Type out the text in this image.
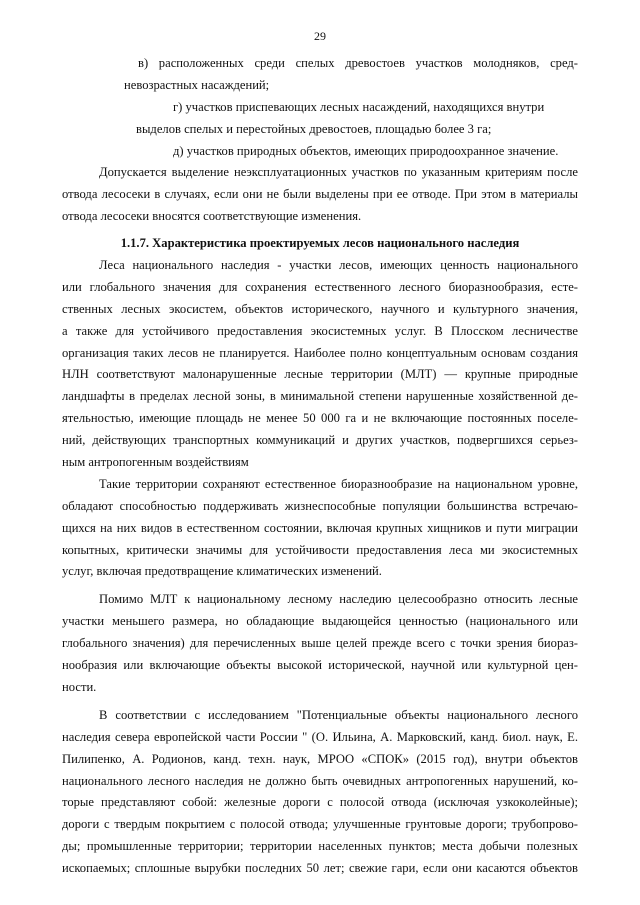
29
в) расположенных среди спелых древостоев участков молодняков, сред-
невозрастных насаждений;
г) участков приспевающих лесных насаждений, находящихся внутри
выделов спелых и перестойных древостоев, площадью более 3 га;
д) участков природных объектов, имеющих природоохранное значение.
Допускается выделение неэксплуатационных участков по указанным критериям после
отвода лесосеки в случаях, если они не были выделены при ее отводе. При этом в материалы
отвода лесосеки вносятся соответствующие изменения.
1.1.7. Характеристика проектируемых лесов национального наследия
Леса национального наследия - участки лесов, имеющих ценность национального
или глобального значения для сохранения естественного лесного биоразнообразия, есте-
ственных лесных экосистем, объектов исторического, научного и культурного значения,
а также для устойчивого предоставления экосистемных услуг. В Плосском лесничестве
организация таких лесов не планируется. Наиболее полно концептуальным основам создания
НЛН соответствуют малонарушенные лесные территории (МЛТ) — крупные природные
ландшафты в пределах лесной зоны, в минимальной степени нарушенные хозяйственной де-
ятельностью, имеющие площадь не менее 50 000 га и не включающие постоянных поселе-
ний, действующих транспортных коммуникаций и других участков, подвергшихся серьез-
ным антропогенным воздействиям
Такие территории сохраняют естественное биоразнообразие на национальном уровне,
обладают способностью поддерживать жизнеспособные популяции большинства встречаю-
щихся на них видов в естественном состоянии, включая крупных хищников и пути миграции
копытных, критически значимы для устойчивости предоставления леса ми экосистемных
услуг, включая предотвращение климатических изменений.
Помимо МЛТ к национальному лесному наследию целесообразно относить лесные
участки меньшего размера, но обладающие выдающейся ценностью (национального или
глобального значения) для перечисленных выше целей прежде всего с точки зрения биораз-
нообразия или включающие объекты высокой исторической, научной или культурной цен-
ности.
В соответствии с исследованием "Потенциальные объекты национального лесного
наследия севера европейской части России " (О. Ильина, А. Марковский, канд. биол. наук, Е.
Пилипенко, А. Родионов, канд. техн. наук, МРОО «СПОК» (2015 год), внутри объектов
национального лесного наследия не должно быть очевидных антропогенных нарушений, ко-
торые представляют собой: железные дороги с полосой отвода (исключая узкоколейные);
дороги с твердым покрытием с полосой отвода; улучшенные грунтовые дороги; трубопрово-
ды; промышленные территории; территории населенных пунктов; места добычи полезных
ископаемых; сплошные вырубки последних 50 лет; свежие гари, если они касаются объектов
